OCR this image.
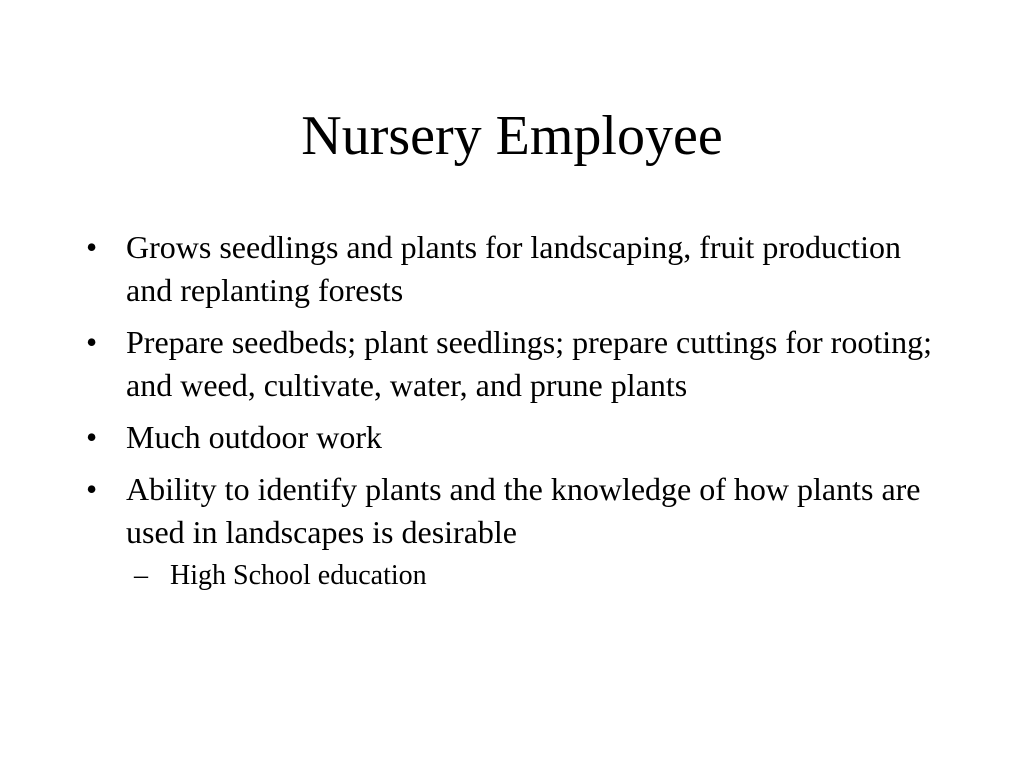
Nursery Employee
• Grows seedlings and plants for landscaping, fruit production and replanting forests
• Prepare seedbeds; plant seedlings; prepare cuttings for rooting; and weed, cultivate, water, and prune plants
• Much outdoor work
• Ability to identify plants and the knowledge of how plants are used in landscapes is desirable
– High School education
